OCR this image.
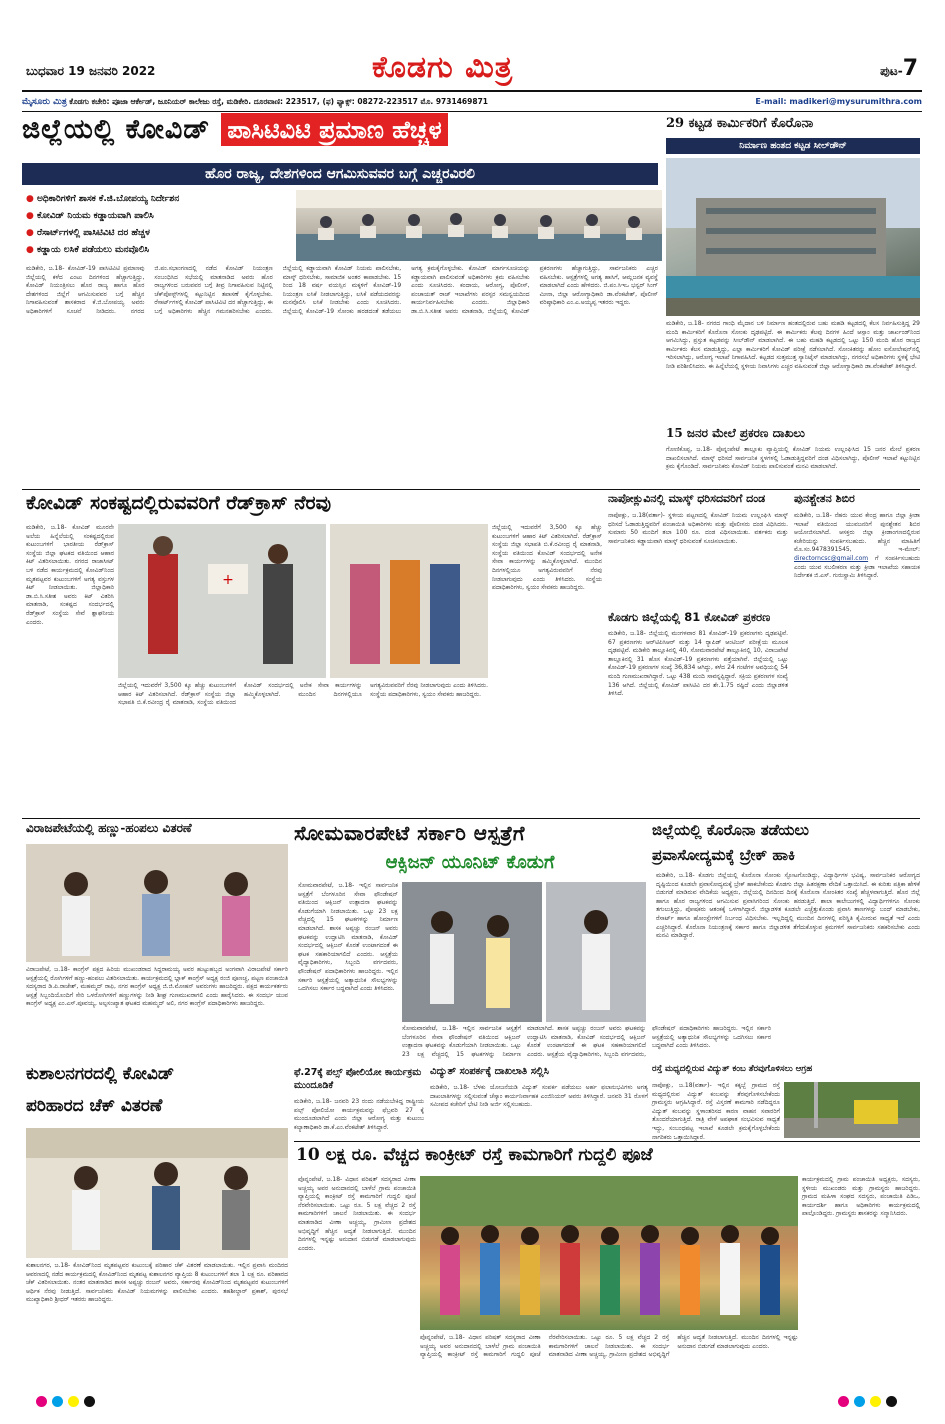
ಬುಧವಾರ 19 ಜನವರಿ 2022	ಕೊಡಗು ಮಿತ್ರ	ಪುಟ-7
ಮೈಸೂರು ಮಿತ್ರ ಕೊಡಗು ಕಚೇರಿ: ಪೂಜಾ ಆರ್ಕೇಡ್, ಜೂನಿಯರ್ ಕಾಲೇಜು ರಸ್ತೆ, ಮಡಿಕೇರಿ. ದೂರವಾಣಿ: 223517, (ಫ) ಫ್ಯಾಕ್ಸ್: 08272-223517 ಮೊ. 9731469871	E-mail: madikeri@mysurumithra.com
ಜಿಲ್ಲೆಯಲ್ಲಿ ಕೋವಿಡ್ ಪಾಸಿಟಿವಿಟಿ ಪ್ರಮಾಣ ಹೆಚ್ಚಳ
ಹೊರ ರಾಜ್ಯ, ದೇಶಗಳಿಂದ ಆಗಮಿಸುವವರ ಬಗ್ಗೆ ಎಚ್ಚರವಿರಲಿ
● ಅಧಿಕಾರಿಗಳಿಗೆ ಶಾಸಕ ಕೆ.ಜಿ.ಬೋಪಯ್ಯ ನಿರ್ದೇಶನ
● ಕೋವಿಡ್ ನಿಯಮ ಕಡ್ಡಾಯವಾಗಿ ಪಾಲಿಸಿ
● ರೆಸಾರ್ಟ್‌ಗಳಲ್ಲಿ ಪಾಸಿಟಿವಿಟಿ ದರ ಹೆಚ್ಚಳ
● ಕಡ್ಡಾಯ ಲಸಿಕೆ ಪಡೆಯಲು ಮನವೊಲಿಸಿ
ಮಡಿಕೇರಿ, ಜ.18- ಕೋವಿಡ್-19 ಪಾಸಿಟಿವಿಟಿ ಪ್ರಮಾಣವು ಜಿಲ್ಲೆಯಲ್ಲಿ ಕಳೆದ ಎಂಟು ದಿನಗಳಿಂದ ಹೆಚ್ಚಾಗುತ್ತಿದ್ದು, ಕೋವಿಡ್ ನಿಯಂತ್ರಿಸಲು ಹೊರ ರಾಜ್ಯ ಹಾಗೂ ಹೊರ ದೇಶಗಳಿಂದ ಜಿಲ್ಲೆಗೆ ಆಗಮಿಸುವವರ ಬಗ್ಗೆ ಹೆಚ್ಚಿನ ನಿಗಾವಹಿಸುವಂತೆ ಶಾಸಕರಾದ ಕೆ.ಜಿ.ಬೋಪಯ್ಯ ಅವರು ಅಧಿಕಾರಿಗಳಿಗೆ ಸೂಚನೆ ನೀಡಿದರು. ನಗರದ ಜಿ.ಪಂ.ಸಭಾಂಗಣದಲ್ಲಿ ನಡೆದ ಕೋವಿಡ್ ನಿಯಂತ್ರಣ ಸಂಬಂಧಿಸಿದ ಸಭೆಯಲ್ಲಿ ಮಾತನಾಡಿದ ಅವರು ಹೊರ ರಾಜ್ಯಗಳಿಂದ ಬರುವವರ ಬಗ್ಗೆ ತೀವ್ರ ನಿಗಾವಹಿಸುವ ನಿಟ್ಟಿನಲ್ಲಿ ಚೆಕ್‌ಪೋಸ್ಟ್‌ಗಳಲ್ಲಿ ಕಟ್ಟುನಿಟ್ಟಿನ ತಪಾಸಣೆ ಕೈಗೊಳ್ಳಬೇಕು. ರೆಸಾರ್ಟ್‌ಗಳಲ್ಲಿ ಕೋವಿಡ್ ಪಾಸಿಟಿವಿಟಿ ದರ ಹೆಚ್ಚಾಗುತ್ತಿದ್ದು, ಈ ಬಗ್ಗೆ ಅಧಿಕಾರಿಗಳು ಹೆಚ್ಚಿನ ಗಮನಹರಿಸಬೇಕು ಎಂದರು. ಜಿಲ್ಲೆಯಲ್ಲಿ ಕಡ್ಡಾಯವಾಗಿ ಕೋವಿಡ್ ನಿಯಮ ಪಾಲಿಸಬೇಕು, ಮಾಸ್ಕ್ ಧರಿಸಬೇಕು, ಸಾಮಾಜಿಕ ಅಂತರ ಕಾಪಾಡಬೇಕು. 15 ರಿಂದ 18 ವರ್ಷ ವಯಸ್ಸಿನ ಮಕ್ಕಳಿಗೆ ಕೋವಿಡ್-19 ನಿಯಂತ್ರಣ ಲಸಿಕೆ ನೀಡಲಾಗುತ್ತಿದ್ದು, ಲಸಿಕೆ ಪಡೆಯದವರನ್ನು ಮನವೊಲಿಸಿ ಲಸಿಕೆ ನೀಡಬೇಕು ಎಂದು ಸೂಚಿಸಿದರು. ಜಿಲ್ಲೆಯಲ್ಲಿ ಕೋವಿಡ್-19 ಸೋಂಕು ಹರಡದಂತೆ ತಡೆಯಲು ಅಗತ್ಯ ಕ್ರಮಕೈಗೊಳ್ಳಬೇಕು. ಕೋವಿಡ್ ಮಾರ್ಗಸೂಚಿಯನ್ನು ಕಡ್ಡಾಯವಾಗಿ ಪಾಲಿಸುವಂತೆ ಅಧಿಕಾರಿಗಳು ಕ್ರಮ ವಹಿಸಬೇಕು ಎಂದು ಸೂಚಿಸಿದರು. ಕಂದಾಯ, ಆರೋಗ್ಯ, ಪೊಲೀಸ್, ಪಂಚಾಯತ್ ರಾಜ್ ಇಲಾಖೆಗಳು ಪರಸ್ಪರ ಸಮನ್ವಯದಿಂದ ಕಾರ್ಯನಿರ್ವಹಿಸಬೇಕು ಎಂದರು. ಜಿಲ್ಲಾಧಿಕಾರಿ ಡಾ.ಬಿ.ಸಿ.ಸತೀಶ ಅವರು ಮಾತನಾಡಿ, ಜಿಲ್ಲೆಯಲ್ಲಿ ಕೋವಿಡ್ ಪ್ರಕರಣಗಳು ಹೆಚ್ಚಾಗುತ್ತಿದ್ದು, ಸಾರ್ವಜನಿಕರು ಎಚ್ಚರ ವಹಿಸಬೇಕು. ಆಸ್ಪತ್ರೆಗಳಲ್ಲಿ ಅಗತ್ಯ ಹಾಸಿಗೆ, ಆಮ್ಲಜನಕ ವ್ಯವಸ್ಥೆ ಮಾಡಲಾಗಿದೆ ಎಂದು ಹೇಳಿದರು. ಜಿ.ಪಂ.ಸಿಇಒ ಭನ್ವರ್ ಸಿಂಗ್ ಮೀನಾ, ಜಿಲ್ಲಾ ಆರೋಗ್ಯಾಧಿಕಾರಿ ಡಾ.ವೆಂಕಟೇಶ್, ಪೊಲೀಸ್ ವರಿಷ್ಠಾಧಿಕಾರಿ ಎಂ.ಎ.ಅಯ್ಯಪ್ಪ ಇತರರು ಇದ್ದರು.
29 ಕಟ್ಟಡ ಕಾರ್ಮಿಕರಿಗೆ ಕೊರೊನಾ
ನಿರ್ಮಾಣ ಹಂತದ ಕಟ್ಟಡ ಸೀಲ್‌ಡೌನ್
ಮಡಿಕೇರಿ, ಜ.18- ನಗರದ ಗಾಂಧಿ ಮೈದಾನ ಬಳಿ ನಿರ್ಮಾಣ ಹಂತದಲ್ಲಿರುವ ಬಹು ಮಹಡಿ ಕಟ್ಟಡದಲ್ಲಿ ಕೆಲಸ ನಿರ್ವಹಿಸುತ್ತಿದ್ದ 29 ಮಂದಿ ಕಾರ್ಮಿಕರಿಗೆ ಕೊರೊನಾ ಸೋಂಕು ದೃಢಪಟ್ಟಿದೆ. ಈ ಕಾರ್ಮಿಕರು ಕೆಲವು ದಿನಗಳ ಹಿಂದೆ ಆಸ್ಸಾಂ ಮತ್ತು ಜಾರ್ಖಂಡ್‌ನಿಂದ ಆಗಮಿಸಿದ್ದು, ಪ್ರಸ್ತುತ ಕಟ್ಟಡವನ್ನು ಸೀಲ್‌ಡೌನ್ ಮಾಡಲಾಗಿದೆ. ಈ ಬಹು ಮಹಡಿ ಕಟ್ಟಡದಲ್ಲಿ ಒಟ್ಟು 150 ಮಂದಿ ಹೊರ ರಾಜ್ಯದ ಕಾರ್ಮಿಕರು ಕೆಲಸ ಮಾಡುತ್ತಿದ್ದು, ಎಲ್ಲಾ ಕಾರ್ಮಿಕರಿಗೆ ಕೋವಿಡ್ ಪರೀಕ್ಷೆ ನಡೆಸಲಾಗಿದೆ. ಸೋಂಕಿತರನ್ನು ಹೋಂ ಐಸೋಲೇಷನ್‌ನಲ್ಲಿ ಇರಿಸಲಾಗಿದ್ದು, ಆರೋಗ್ಯ ಇಲಾಖೆ ನಿಗಾವಹಿಸಿದೆ. ಕಟ್ಟಡದ ಸುತ್ತಮುತ್ತ ಸ್ಯಾನಿಟೈಸ್ ಮಾಡಲಾಗಿದ್ದು, ನಗರಸಭೆ ಅಧಿಕಾರಿಗಳು ಸ್ಥಳಕ್ಕೆ ಭೇಟಿ ನೀಡಿ ಪರಿಶೀಲಿಸಿದರು. ಈ ಹಿನ್ನೆಲೆಯಲ್ಲಿ ಸ್ಥಳೀಯ ನಿವಾಸಿಗಳು ಎಚ್ಚರ ವಹಿಸುವಂತೆ ಜಿಲ್ಲಾ ಆರೋಗ್ಯಾಧಿಕಾರಿ ಡಾ.ವೆಂಕಟೇಶ್ ತಿಳಿಸಿದ್ದಾರೆ.
15 ಜನರ ಮೇಲೆ ಪ್ರಕರಣ ದಾಖಲು
ಗೋಣಿಕೊಪ್ಪ, ಜ.18- ಪೊನ್ನಂಪೇಟೆ ತಾಲ್ಲೂಕು ವ್ಯಾಪ್ತಿಯಲ್ಲಿ ಕೋವಿಡ್ ನಿಯಮ ಉಲ್ಲಂಘಿಸಿದ 15 ಜನರ ಮೇಲೆ ಪ್ರಕರಣ ದಾಖಲಿಸಲಾಗಿದೆ. ಮಾಸ್ಕ್ ಧರಿಸದೆ ಸಾರ್ವಜನಿಕ ಸ್ಥಳಗಳಲ್ಲಿ ಓಡಾಡುತ್ತಿದ್ದವರಿಗೆ ದಂಡ ವಿಧಿಸಲಾಗಿದ್ದು, ಪೊಲೀಸ್ ಇಲಾಖೆ ಕಟ್ಟುನಿಟ್ಟಿನ ಕ್ರಮ ಕೈಗೊಂಡಿದೆ. ಸಾರ್ವಜನಿಕರು ಕೋವಿಡ್ ನಿಯಮ ಪಾಲಿಸುವಂತೆ ಮನವಿ ಮಾಡಲಾಗಿದೆ.
ಕೋವಿಡ್ ಸಂಕಷ್ಟದಲ್ಲಿರುವವರಿಗೆ ರೆಡ್‌ಕ್ರಾಸ್ ನೆರವು
ಮಡಿಕೇರಿ, ಜ.18- ಕೋವಿಡ್ ಮೂರನೇ ಅಲೆಯ ಹಿನ್ನೆಲೆಯಲ್ಲಿ ಸಂಕಷ್ಟದಲ್ಲಿರುವ ಕುಟುಂಬಗಳಿಗೆ ಭಾರತೀಯ ರೆಡ್‌ಕ್ರಾಸ್ ಸಂಸ್ಥೆಯ ಜಿಲ್ಲಾ ಘಟಕದ ವತಿಯಿಂದ ಆಹಾರ ಕಿಟ್ ವಿತರಿಸಲಾಯಿತು. ನಗರದ ರಾಜಾಸೀಟ್ ಬಳಿ ನಡೆದ ಕಾರ್ಯಕ್ರಮದಲ್ಲಿ ಕೋವಿಡ್‌ನಿಂದ ಮೃತಪಟ್ಟವರ ಕುಟುಂಬಗಳಿಗೆ ಅಗತ್ಯ ವಸ್ತುಗಳ ಕಿಟ್ ನೀಡಲಾಯಿತು. ಜಿಲ್ಲಾಧಿಕಾರಿ ಡಾ.ಬಿ.ಸಿ.ಸತೀಶ ಅವರು ಕಿಟ್ ವಿತರಿಸಿ ಮಾತನಾಡಿ, ಸಂಕಷ್ಟದ ಸಂದರ್ಭದಲ್ಲಿ ರೆಡ್‌ಕ್ರಾಸ್ ಸಂಸ್ಥೆಯ ಸೇವೆ ಶ್ಲಾಘನೀಯ ಎಂದರು.
+
ಜಿಲ್ಲೆಯಲ್ಲಿ ಇದುವರೆಗೆ 3,500 ಕ್ಕೂ ಹೆಚ್ಚು ಕುಟುಂಬಗಳಿಗೆ ಆಹಾರ ಕಿಟ್ ವಿತರಿಸಲಾಗಿದೆ. ರೆಡ್‌ಕ್ರಾಸ್ ಸಂಸ್ಥೆಯ ಜಿಲ್ಲಾ ಸಭಾಪತಿ ಬಿ.ಕೆ.ರವೀಂದ್ರ ರೈ ಮಾತನಾಡಿ, ಸಂಸ್ಥೆಯ ವತಿಯಿಂದ ಕೋವಿಡ್ ಸಂದರ್ಭದಲ್ಲಿ ಅನೇಕ ಸೇವಾ ಕಾರ್ಯಗಳನ್ನು ಹಮ್ಮಿಕೊಳ್ಳಲಾಗಿದೆ. ಮುಂದಿನ ದಿನಗಳಲ್ಲಿಯೂ ಅಗತ್ಯವಿರುವವರಿಗೆ ನೆರವು ನೀಡಲಾಗುವುದು ಎಂದು ತಿಳಿಸಿದರು. ಸಂಸ್ಥೆಯ ಪದಾಧಿಕಾರಿಗಳು, ಸ್ವಯಂ ಸೇವಕರು ಹಾಜರಿದ್ದರು.
ಜಿಲ್ಲೆಯಲ್ಲಿ ಇದುವರೆಗೆ 3,500 ಕ್ಕೂ ಹೆಚ್ಚು ಕುಟುಂಬಗಳಿಗೆ ಆಹಾರ ಕಿಟ್ ವಿತರಿಸಲಾಗಿದೆ. ರೆಡ್‌ಕ್ರಾಸ್ ಸಂಸ್ಥೆಯ ಜಿಲ್ಲಾ ಸಭಾಪತಿ ಬಿ.ಕೆ.ರವೀಂದ್ರ ರೈ ಮಾತನಾಡಿ, ಸಂಸ್ಥೆಯ ವತಿಯಿಂದ ಕೋವಿಡ್ ಸಂದರ್ಭದಲ್ಲಿ ಅನೇಕ ಸೇವಾ ಕಾರ್ಯಗಳನ್ನು ಹಮ್ಮಿಕೊಳ್ಳಲಾಗಿದೆ. ಮುಂದಿನ ದಿನಗಳಲ್ಲಿಯೂ ಅಗತ್ಯವಿರುವವರಿಗೆ ನೆರವು ನೀಡಲಾಗುವುದು ಎಂದು ತಿಳಿಸಿದರು. ಸಂಸ್ಥೆಯ ಪದಾಧಿಕಾರಿಗಳು, ಸ್ವಯಂ ಸೇವಕರು ಹಾಜರಿದ್ದರು.
ನಾಪೋಕ್ಲುವಿನಲ್ಲಿ ಮಾಸ್ಕ್ ಧರಿಸದವರಿಗೆ ದಂಡ
ನಾಪೋಕ್ಲು, ಜ.18(ವರ್ತಾ)- ಸ್ಥಳೀಯ ಪಟ್ಟಣದಲ್ಲಿ ಕೋವಿಡ್ ನಿಯಮ ಉಲ್ಲಂಘಿಸಿ ಮಾಸ್ಕ್ ಧರಿಸದೆ ಓಡಾಡುತ್ತಿದ್ದವರಿಗೆ ಪಂಚಾಯಿತಿ ಅಧಿಕಾರಿಗಳು ಮತ್ತು ಪೊಲೀಸರು ದಂಡ ವಿಧಿಸಿದರು. ಸುಮಾರು 50 ಮಂದಿಗೆ ತಲಾ 100 ರೂ. ದಂಡ ವಿಧಿಸಲಾಯಿತು. ವರ್ತಕರು ಮತ್ತು ಸಾರ್ವಜನಿಕರು ಕಡ್ಡಾಯವಾಗಿ ಮಾಸ್ಕ್ ಧರಿಸುವಂತೆ ಸೂಚಿಸಲಾಯಿತು.
ಕೊಡಗು ಜಿಲ್ಲೆಯಲ್ಲಿ 81 ಕೋವಿಡ್ ಪ್ರಕರಣ
ಮಡಿಕೇರಿ, ಜ.18- ಜಿಲ್ಲೆಯಲ್ಲಿ ಮಂಗಳವಾರ 81 ಕೋವಿಡ್-19 ಪ್ರಕರಣಗಳು ದೃಢಪಟ್ಟಿವೆ. 67 ಪ್ರಕರಣಗಳು ಆರ್‌ಟಿಪಿಸಿಆರ್ ಮತ್ತು 14 ರ‍್ಯಾಪಿಡ್ ಆಂಟಿಜನ್ ಪರೀಕ್ಷೆಯ ಮೂಲಕ ದೃಢಪಟ್ಟಿವೆ. ಮಡಿಕೇರಿ ತಾಲ್ಲೂಕಿನಲ್ಲಿ 40, ಸೋಮವಾರಪೇಟೆ ತಾಲ್ಲೂಕಿನಲ್ಲಿ 10, ವಿರಾಜಪೇಟೆ ತಾಲ್ಲೂಕಿನಲ್ಲಿ 31 ಹೊಸ ಕೋವಿಡ್-19 ಪ್ರಕರಣಗಳು ಪತ್ತೆಯಾಗಿವೆ. ಜಿಲ್ಲೆಯಲ್ಲಿ ಒಟ್ಟು ಕೋವಿಡ್-19 ಪ್ರಕರಣಗಳ ಸಂಖ್ಯೆ 36,834 ಆಗಿದ್ದು, ಕಳೆದ 24 ಗಂಟೆಗಳ ಅವಧಿಯಲ್ಲಿ 54 ಮಂದಿ ಗುಣಮುಖರಾಗಿದ್ದಾರೆ. ಒಟ್ಟು 438 ಮಂದಿ ಸಾವನ್ನಪ್ಪಿದ್ದಾರೆ. ಸಕ್ರಿಯ ಪ್ರಕರಣಗಳ ಸಂಖ್ಯೆ 136 ಆಗಿದೆ. ಜಿಲ್ಲೆಯಲ್ಲಿ ಕೋವಿಡ್ ಪಾಸಿಟಿವಿ ದರ ಶೇ.1.75 ರಷ್ಟಿದೆ ಎಂದು ಜಿಲ್ಲಾಡಳಿತ ತಿಳಿಸಿದೆ.
ಪುನಶ್ಚೇತನ ಶಿಬಿರ
ಮಡಿಕೇರಿ, ಜ.18- ನೆಹರು ಯುವ ಕೇಂದ್ರ ಹಾಗೂ ಜಿಲ್ಲಾ ಕ್ರೀಡಾ ಇಲಾಖೆ ವತಿಯಿಂದ ಯುವಜನರಿಗೆ ಪುನಶ್ಚೇತನ ಶಿಬಿರ ಆಯೋಜಿಸಲಾಗಿದೆ. ಆಸಕ್ತರು ಜಿಲ್ಲಾ ಕ್ರೀಡಾಂಗಣದಲ್ಲಿರುವ ಕಚೇರಿಯನ್ನು ಸಂಪರ್ಕಿಸಬಹುದು. ಹೆಚ್ಚಿನ ಮಾಹಿತಿಗೆ ಮೊ.ಸಂ.9478391545, ಇ-ಮೇಲ್: directorncsc@gmail.com ಗೆ ಸಂಪರ್ಕಿಸಬಹುದು ಎಂದು ಯುವ ಸಬಲೀಕರಣ ಮತ್ತು ಕ್ರೀಡಾ ಇಲಾಖೆಯ ಸಹಾಯಕ ನಿರ್ದೇಶಕ ಜಿ.ಎಸ್. ಗುರುಸ್ವಾಮಿ ತಿಳಿಸಿದ್ದಾರೆ.
ವಿರಾಜಪೇಟೆಯಲ್ಲಿ ಹಣ್ಣು-ಹಂಪಲು ವಿತರಣೆ
ವಿರಾಜಪೇಟೆ, ಜ.18- ಕಾಂಗ್ರೆಸ್ ಪಕ್ಷದ ಹಿರಿಯ ಮುಖಂಡರಾದ ಸಿದ್ದರಾಮಯ್ಯ ಅವರ ಹುಟ್ಟುಹಬ್ಬದ ಅಂಗವಾಗಿ ವಿರಾಜಪೇಟೆ ಸರ್ಕಾರಿ ಆಸ್ಪತ್ರೆಯಲ್ಲಿ ರೋಗಿಗಳಿಗೆ ಹಣ್ಣು-ಹಂಪಲು ವಿತರಿಸಲಾಯಿತು. ಕಾರ್ಯಕ್ರಮದಲ್ಲಿ ಬ್ಲಾಕ್ ಕಾಂಗ್ರೆಸ್ ಅಧ್ಯಕ್ಷ ರಂಜಿ ಪೂಣಚ್ಚ, ಪಟ್ಟಣ ಪಂಚಾಯಿತಿ ಸದಸ್ಯರಾದ ಡಿ.ಪಿ.ರಾಜೇಶ್, ಮಹಮ್ಮದ್ ರಾಫಿ, ನಗರ ಕಾಂಗ್ರೆಸ್ ಅಧ್ಯಕ್ಷ ಜಿ.ಜಿ.ಮೋಹನ್ ಅವರುಗಳು ಹಾಜರಿದ್ದರು. ಪಕ್ಷದ ಕಾರ್ಯಕರ್ತರು ಆಸ್ಪತ್ರೆ ಸಿಬ್ಬಂದಿಯೊಂದಿಗೆ ಸೇರಿ ಒಳರೋಗಿಗಳಿಗೆ ಹಣ್ಣುಗಳನ್ನು ನೀಡಿ ಶೀಘ್ರ ಗುಣಮುಖರಾಗಲಿ ಎಂದು ಹಾರೈಸಿದರು. ಈ ಸಂದರ್ಭ ಯುವ ಕಾಂಗ್ರೆಸ್ ಅಧ್ಯಕ್ಷ ಎಂ.ಎಸ್.ಪೂವಯ್ಯ, ಅಲ್ಪಸಂಖ್ಯಾತ ಘಟಕದ ಮಹಮ್ಮದ್ ಅಲಿ, ನಗರ ಕಾಂಗ್ರೆಸ್ ಪದಾಧಿಕಾರಿಗಳು ಹಾಜರಿದ್ದರು.
ಕುಶಾಲನಗರದಲ್ಲಿ ಕೋವಿಡ್
ಪರಿಹಾರದ ಚೆಕ್ ವಿತರಣೆ
ಕುಶಾಲನಗರ, ಜ.18- ಕೋವಿಡ್‌ನಿಂದ ಮೃತಪಟ್ಟವರ ಕುಟುಂಬಕ್ಕೆ ಪರಿಹಾರ ಚೆಕ್ ವಿತರಣೆ ಮಾಡಲಾಯಿತು. ಇಲ್ಲಿನ ಪ್ರವಾಸಿ ಮಂದಿರದ ಆವರಣದಲ್ಲಿ ನಡೆದ ಕಾರ್ಯಕ್ರಮದಲ್ಲಿ ಕೋವಿಡ್‌ನಿಂದ ಮೃತಪಟ್ಟ ಕುಶಾಲನಗರ ವ್ಯಾಪ್ತಿಯ 8 ಕುಟುಂಬಗಳಿಗೆ ತಲಾ 1 ಲಕ್ಷ ರೂ. ಪರಿಹಾರದ ಚೆಕ್ ವಿತರಿಸಲಾಯಿತು. ನಂತರ ಮಾತನಾಡಿದ ಶಾಸಕ ಅಪ್ಪಚ್ಚು ರಂಜನ್ ಅವರು, ಸರ್ಕಾರವು ಕೋವಿಡ್‌ನಿಂದ ಮೃತಪಟ್ಟವರ ಕುಟುಂಬಗಳಿಗೆ ಆರ್ಥಿಕ ನೆರವು ನೀಡುತ್ತಿದೆ. ಸಾರ್ವಜನಿಕರು ಕೋವಿಡ್ ನಿಯಮಗಳನ್ನು ಪಾಲಿಸಬೇಕು ಎಂದರು. ತಹಶೀಲ್ದಾರ್ ಪ್ರಕಾಶ್, ಪುರಸಭೆ ಮುಖ್ಯಾಧಿಕಾರಿ ಶ್ರೀಧರ್ ಇತರರು ಹಾಜರಿದ್ದರು.
ಸೋಮವಾರಪೇಟೆ ಸರ್ಕಾರಿ ಆಸ್ಪತ್ರೆಗೆ
ಆಕ್ಸಿಜನ್ ಯೂನಿಟ್ ಕೊಡುಗೆ
ಸೋಮವಾರಪೇಟೆ, ಜ.18- ಇಲ್ಲಿನ ಸಾರ್ವಜನಿಕ ಆಸ್ಪತ್ರೆಗೆ ಬೆಂಗಳೂರಿನ ಸೇವಾ ಫೌಂಡೇಷನ್ ವತಿಯಿಂದ ಆಕ್ಸಿಜನ್ ಉತ್ಪಾದನಾ ಘಟಕವನ್ನು ಕೊಡುಗೆಯಾಗಿ ನೀಡಲಾಯಿತು. ಒಟ್ಟು 23 ಲಕ್ಷ ವೆಚ್ಚದಲ್ಲಿ 15 ಘಟಕಗಳನ್ನು ನಿರ್ಮಾಣ ಮಾಡಲಾಗಿದೆ. ಶಾಸಕ ಅಪ್ಪಚ್ಚು ರಂಜನ್ ಅವರು ಘಟಕವನ್ನು ಉದ್ಘಾಟಿಸಿ ಮಾತನಾಡಿ, ಕೋವಿಡ್ ಸಂದರ್ಭದಲ್ಲಿ ಆಕ್ಸಿಜನ್ ಕೊರತೆ ಉಂಟಾಗದಂತೆ ಈ ಘಟಕ ಸಹಕಾರಿಯಾಗಲಿದೆ ಎಂದರು. ಆಸ್ಪತ್ರೆಯ ವೈದ್ಯಾಧಿಕಾರಿಗಳು, ಸಿಬ್ಬಂದಿ ವರ್ಗದವರು, ಫೌಂಡೇಷನ್ ಪದಾಧಿಕಾರಿಗಳು ಹಾಜರಿದ್ದರು. ಇಲ್ಲಿನ ಸರ್ಕಾರಿ ಆಸ್ಪತ್ರೆಯಲ್ಲಿ ಅತ್ಯಾಧುನಿಕ ಸೌಲಭ್ಯಗಳನ್ನು ಒದಗಿಸಲು ಸರ್ಕಾರ ಬದ್ಧವಾಗಿದೆ ಎಂದು ತಿಳಿಸಿದರು.
ಸೋಮವಾರಪೇಟೆ, ಜ.18- ಇಲ್ಲಿನ ಸಾರ್ವಜನಿಕ ಆಸ್ಪತ್ರೆಗೆ ಬೆಂಗಳೂರಿನ ಸೇವಾ ಫೌಂಡೇಷನ್ ವತಿಯಿಂದ ಆಕ್ಸಿಜನ್ ಉತ್ಪಾದನಾ ಘಟಕವನ್ನು ಕೊಡುಗೆಯಾಗಿ ನೀಡಲಾಯಿತು. ಒಟ್ಟು 23 ಲಕ್ಷ ವೆಚ್ಚದಲ್ಲಿ 15 ಘಟಕಗಳನ್ನು ನಿರ್ಮಾಣ ಮಾಡಲಾಗಿದೆ. ಶಾಸಕ ಅಪ್ಪಚ್ಚು ರಂಜನ್ ಅವರು ಘಟಕವನ್ನು ಉದ್ಘಾಟಿಸಿ ಮಾತನಾಡಿ, ಕೋವಿಡ್ ಸಂದರ್ಭದಲ್ಲಿ ಆಕ್ಸಿಜನ್ ಕೊರತೆ ಉಂಟಾಗದಂತೆ ಈ ಘಟಕ ಸಹಕಾರಿಯಾಗಲಿದೆ ಎಂದರು. ಆಸ್ಪತ್ರೆಯ ವೈದ್ಯಾಧಿಕಾರಿಗಳು, ಸಿಬ್ಬಂದಿ ವರ್ಗದವರು, ಫೌಂಡೇಷನ್ ಪದಾಧಿಕಾರಿಗಳು ಹಾಜರಿದ್ದರು. ಇಲ್ಲಿನ ಸರ್ಕಾರಿ ಆಸ್ಪತ್ರೆಯಲ್ಲಿ ಅತ್ಯಾಧುನಿಕ ಸೌಲಭ್ಯಗಳನ್ನು ಒದಗಿಸಲು ಸರ್ಕಾರ ಬದ್ಧವಾಗಿದೆ ಎಂದು ತಿಳಿಸಿದರು.
ಫೆ.27ಕ್ಕೆ ಪಲ್ಸ್ ಪೋಲಿಯೋ ಕಾರ್ಯಕ್ರಮ ಮುಂದೂಡಿಕೆ
ಮಡಿಕೇರಿ, ಜ.18- ಜನವರಿ 23 ರಂದು ನಡೆಯಬೇಕಿದ್ದ ರಾಷ್ಟ್ರೀಯ ಪಲ್ಸ್ ಪೋಲಿಯೋ ಕಾರ್ಯಕ್ರಮವನ್ನು ಫೆಬ್ರವರಿ 27 ಕ್ಕೆ ಮುಂದೂಡಲಾಗಿದೆ ಎಂದು ಜಿಲ್ಲಾ ಆರೋಗ್ಯ ಮತ್ತು ಕುಟುಂಬ ಕಲ್ಯಾಣಾಧಿಕಾರಿ ಡಾ.ಕೆ.ಎಂ.ವೆಂಕಟೇಶ್ ತಿಳಿಸಿದ್ದಾರೆ.
ವಿದ್ಯುತ್ ಸಂಪರ್ಕಕ್ಕೆ ದಾಖಲಾತಿ ಸಲ್ಲಿಸಿ
ಮಡಿಕೇರಿ, ಜ.18- ಬೆಳಕು ಯೋಜನೆಯಡಿ ವಿದ್ಯುತ್ ಸಂಪರ್ಕ ಪಡೆಯಲು ಅರ್ಹ ಫಲಾನುಭವಿಗಳು ಅಗತ್ಯ ದಾಖಲಾತಿಗಳನ್ನು ಸಲ್ಲಿಸುವಂತೆ ಚೆಸ್ಕಾಂ ಕಾರ್ಯನಿರ್ವಾಹಕ ಎಂಜಿನಿಯರ್ ಅವರು ತಿಳಿಸಿದ್ದಾರೆ. ಜನವರಿ 31 ರೊಳಗೆ ಸಮೀಪದ ಕಚೇರಿಗೆ ಭೇಟಿ ನೀಡಿ ಅರ್ಜಿ ಸಲ್ಲಿಸಬಹುದು.
ಜಿಲ್ಲೆಯಲ್ಲಿ ಕೊರೊನಾ ತಡೆಯಲು
ಪ್ರವಾಸೋದ್ಯಮಕ್ಕೆ ಬ್ರೇಕ್ ಹಾಕಿ
ಮಡಿಕೇರಿ, ಜ.18- ಕೊಡಗು ಜಿಲ್ಲೆಯಲ್ಲಿ ಕೊರೊನಾ ಸೋಂಕು ಸ್ಫೋಟಗೊಂಡಿದ್ದು, ವಿದ್ಯಾರ್ಥಿಗಳ ಭವಿಷ್ಯ, ಸಾರ್ವಜನಿಕರ ಆರೋಗ್ಯದ ದೃಷ್ಟಿಯಿಂದ ಕೂಡಲೇ ಪ್ರವಾಸೋದ್ಯಮಕ್ಕೆ ಬ್ರೇಕ್ ಹಾಕಬೇಕೆಂದು ಕೊಡಗು ಜಿಲ್ಲಾ ಹಿತರಕ್ಷಣಾ ವೇದಿಕೆ ಒತ್ತಾಯಿಸಿದೆ. ಈ ಕುರಿತು ಪತ್ರಿಕಾ ಹೇಳಿಕೆ ಬಿಡುಗಡೆ ಮಾಡಿರುವ ವೇದಿಕೆಯ ಅಧ್ಯಕ್ಷರು, ಜಿಲ್ಲೆಯಲ್ಲಿ ದಿನದಿಂದ ದಿನಕ್ಕೆ ಕೊರೊನಾ ಸೋಂಕಿತರ ಸಂಖ್ಯೆ ಹೆಚ್ಚಳವಾಗುತ್ತಿದೆ. ಹೊರ ಜಿಲ್ಲೆ ಹಾಗೂ ಹೊರ ರಾಜ್ಯಗಳಿಂದ ಆಗಮಿಸುವ ಪ್ರವಾಸಿಗರಿಂದ ಸೋಂಕು ಹರಡುತ್ತಿದೆ. ಶಾಲಾ ಕಾಲೇಜುಗಳಲ್ಲಿ ವಿದ್ಯಾರ್ಥಿಗಳಿಗೂ ಸೋಂಕು ತಗುಲುತ್ತಿದ್ದು, ಪೋಷಕರು ಆತಂಕಕ್ಕೆ ಒಳಗಾಗಿದ್ದಾರೆ. ಜಿಲ್ಲಾಡಳಿತ ಕೂಡಲೇ ಎಚ್ಚೆತ್ತುಕೊಂಡು ಪ್ರವಾಸಿ ತಾಣಗಳನ್ನು ಬಂದ್ ಮಾಡಬೇಕು, ರೆಸಾರ್ಟ್ ಹಾಗೂ ಹೋಂಸ್ಟೇಗಳಿಗೆ ನಿರ್ಬಂಧ ವಿಧಿಸಬೇಕು. ಇಲ್ಲದಿದ್ದಲ್ಲಿ ಮುಂದಿನ ದಿನಗಳಲ್ಲಿ ಪರಿಸ್ಥಿತಿ ಕೈಮೀರುವ ಸಾಧ್ಯತೆ ಇದೆ ಎಂದು ಎಚ್ಚರಿಸಿದ್ದಾರೆ. ಕೊರೊನಾ ನಿಯಂತ್ರಣಕ್ಕೆ ಸರ್ಕಾರ ಹಾಗೂ ಜಿಲ್ಲಾಡಳಿತ ತೆಗೆದುಕೊಳ್ಳುವ ಕ್ರಮಗಳಿಗೆ ಸಾರ್ವಜನಿಕರು ಸಹಕರಿಸಬೇಕು ಎಂದು ಮನವಿ ಮಾಡಿದ್ದಾರೆ.
ರಸ್ತೆ ಮಧ್ಯದಲ್ಲಿರುವ ವಿದ್ಯುತ್ ಕಂಬ ತೆರವುಗೊಳಿಸಲು ಆಗ್ರಹ
ನಾಪೋಕ್ಲು, ಜ.18(ವರ್ತಾ)- ಇಲ್ಲಿನ ಕಕ್ಕಬ್ಬೆ ಗ್ರಾಮದ ರಸ್ತೆ ಮಧ್ಯದಲ್ಲಿರುವ ವಿದ್ಯುತ್ ಕಂಬವನ್ನು ತೆರವುಗೊಳಿಸಬೇಕೆಂದು ಗ್ರಾಮಸ್ಥರು ಆಗ್ರಹಿಸಿದ್ದಾರೆ. ರಸ್ತೆ ವಿಸ್ತರಣೆ ಕಾಮಗಾರಿ ನಡೆದಿದ್ದರೂ ವಿದ್ಯುತ್ ಕಂಬವನ್ನು ಸ್ಥಳಾಂತರಿಸದ ಕಾರಣ ವಾಹನ ಸವಾರರಿಗೆ ತೊಂದರೆಯಾಗುತ್ತಿದೆ. ರಾತ್ರಿ ವೇಳೆ ಅಪಘಾತ ಸಂಭವಿಸುವ ಸಾಧ್ಯತೆ ಇದ್ದು, ಸಂಬಂಧಪಟ್ಟ ಇಲಾಖೆ ಕೂಡಲೇ ಕ್ರಮಕೈಗೊಳ್ಳಬೇಕೆಂದು ನಾಗರಿಕರು ಒತ್ತಾಯಿಸಿದ್ದಾರೆ.
10 ಲಕ್ಷ ರೂ. ವೆಚ್ಚದ ಕಾಂಕ್ರೀಟ್ ರಸ್ತೆ ಕಾಮಗಾರಿಗೆ ಗುದ್ದಲಿ ಪೂಜೆ
ಪೊನ್ನಂಪೇಟೆ, ಜ.18- ವಿಧಾನ ಪರಿಷತ್ ಸದಸ್ಯರಾದ ವೀಣಾ ಅಚ್ಚಯ್ಯ ಅವರ ಅನುದಾನದಲ್ಲಿ ಬಾಳೆಲೆ ಗ್ರಾಮ ಪಂಚಾಯಿತಿ ವ್ಯಾಪ್ತಿಯಲ್ಲಿ ಕಾಂಕ್ರೀಟ್ ರಸ್ತೆ ಕಾಮಗಾರಿಗೆ ಗುದ್ದಲಿ ಪೂಜೆ ನೆರವೇರಿಸಲಾಯಿತು. ಒಟ್ಟು ರೂ. 5 ಲಕ್ಷ ವೆಚ್ಚದ 2 ರಸ್ತೆ ಕಾಮಗಾರಿಗಳಿಗೆ ಚಾಲನೆ ನೀಡಲಾಯಿತು. ಈ ಸಂದರ್ಭ ಮಾತನಾಡಿದ ವೀಣಾ ಅಚ್ಚಯ್ಯ, ಗ್ರಾಮೀಣ ಪ್ರದೇಶದ ಅಭಿವೃದ್ಧಿಗೆ ಹೆಚ್ಚಿನ ಆದ್ಯತೆ ನೀಡಲಾಗುತ್ತಿದೆ. ಮುಂದಿನ ದಿನಗಳಲ್ಲಿ ಇನ್ನಷ್ಟು ಅನುದಾನ ಬಿಡುಗಡೆ ಮಾಡಲಾಗುವುದು ಎಂದರು.
ಪೊನ್ನಂಪೇಟೆ, ಜ.18- ವಿಧಾನ ಪರಿಷತ್ ಸದಸ್ಯರಾದ ವೀಣಾ ಅಚ್ಚಯ್ಯ ಅವರ ಅನುದಾನದಲ್ಲಿ ಬಾಳೆಲೆ ಗ್ರಾಮ ಪಂಚಾಯಿತಿ ವ್ಯಾಪ್ತಿಯಲ್ಲಿ ಕಾಂಕ್ರೀಟ್ ರಸ್ತೆ ಕಾಮಗಾರಿಗೆ ಗುದ್ದಲಿ ಪೂಜೆ ನೆರವೇರಿಸಲಾಯಿತು. ಒಟ್ಟು ರೂ. 5 ಲಕ್ಷ ವೆಚ್ಚದ 2 ರಸ್ತೆ ಕಾಮಗಾರಿಗಳಿಗೆ ಚಾಲನೆ ನೀಡಲಾಯಿತು. ಈ ಸಂದರ್ಭ ಮಾತನಾಡಿದ ವೀಣಾ ಅಚ್ಚಯ್ಯ, ಗ್ರಾಮೀಣ ಪ್ರದೇಶದ ಅಭಿವೃದ್ಧಿಗೆ ಹೆಚ್ಚಿನ ಆದ್ಯತೆ ನೀಡಲಾಗುತ್ತಿದೆ. ಮುಂದಿನ ದಿನಗಳಲ್ಲಿ ಇನ್ನಷ್ಟು ಅನುದಾನ ಬಿಡುಗಡೆ ಮಾಡಲಾಗುವುದು ಎಂದರು.
ಕಾರ್ಯಕ್ರಮದಲ್ಲಿ ಗ್ರಾಮ ಪಂಚಾಯಿತಿ ಅಧ್ಯಕ್ಷರು, ಸದಸ್ಯರು, ಸ್ಥಳೀಯ ಮುಖಂಡರು ಮತ್ತು ಗ್ರಾಮಸ್ಥರು ಹಾಜರಿದ್ದರು. ಗ್ರಾಮದ ಮಹಿಳಾ ಸಂಘದ ಸದಸ್ಯರು, ಪಂಚಾಯಿತಿ ಪಿಡಿಒ, ಕಾರ್ಯದರ್ಶಿ ಹಾಗೂ ಅಧಿಕಾರಿಗಳು ಕಾರ್ಯಕ್ರಮದಲ್ಲಿ ಪಾಲ್ಗೊಂಡಿದ್ದರು. ಗ್ರಾಮಸ್ಥರು ಶಾಸಕರನ್ನು ಸನ್ಮಾನಿಸಿದರು.
